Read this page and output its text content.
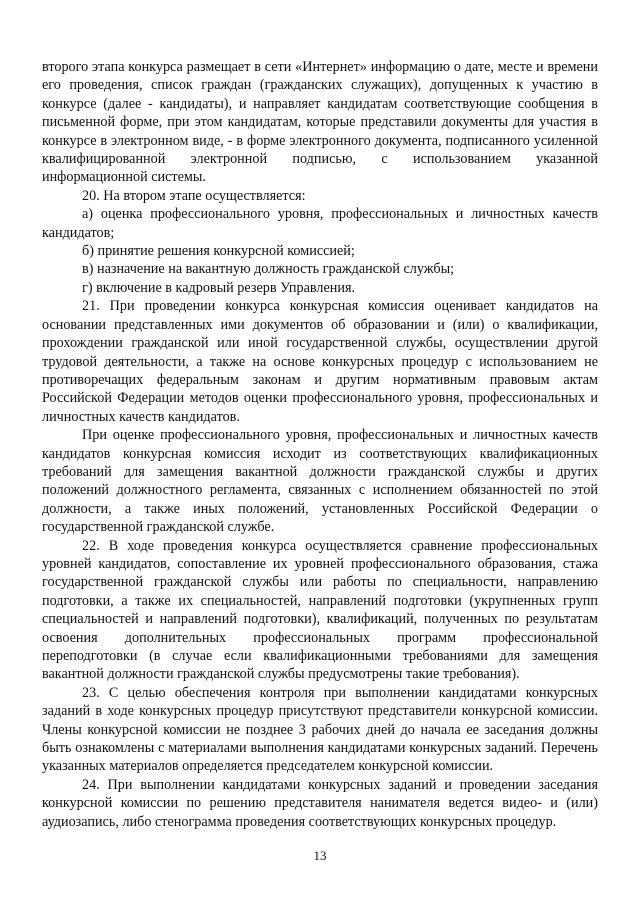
второго этапа конкурса размещает в сети «Интернет» информацию о дате, месте и времени его проведения, список граждан (гражданских служащих), допущенных к участию в конкурсе (далее - кандидаты), и направляет кандидатам соответствующие сообщения в письменной форме, при этом кандидатам, которые представили документы для участия в конкурсе в электронном виде, - в форме электронного документа, подписанного усиленной квалифицированной электронной подписью, с использованием указанной информационной системы.

20. На втором этапе осуществляется:

а) оценка профессионального уровня, профессиональных и личностных качеств кандидатов;

б) принятие решения конкурсной комиссией;

в) назначение на вакантную должность гражданской службы;

г) включение в кадровый резерв Управления.

21. При проведении конкурса конкурсная комиссия оценивает кандидатов на основании представленных ими документов об образовании и (или) о квалификации, прохождении гражданской или иной государственной службы, осуществлении другой трудовой деятельности, а также на основе конкурсных процедур с использованием не противоречащих федеральным законам и другим нормативным правовым актам Российской Федерации методов оценки профессионального уровня, профессиональных и личностных качеств кандидатов.

При оценке профессионального уровня, профессиональных и личностных качеств кандидатов конкурсная комиссия исходит из соответствующих квалификационных требований для замещения вакантной должности гражданской службы и других положений должностного регламента, связанных с исполнением обязанностей по этой должности, а также иных положений, установленных Российской Федерации о государственной гражданской службе.

22. В ходе проведения конкурса осуществляется сравнение профессиональных уровней кандидатов, сопоставление их уровней профессионального образования, стажа государственной гражданской службы или работы по специальности, направлению подготовки, а также их специальностей, направлений подготовки (укрупненных групп специальностей и направлений подготовки), квалификаций, полученных по результатам освоения дополнительных профессиональных программ профессиональной переподготовки (в случае если квалификационными требованиями для замещения вакантной должности гражданской службы предусмотрены такие требования).

23. С целью обеспечения контроля при выполнении кандидатами конкурсных заданий в ходе конкурсных процедур присутствуют представители конкурсной комиссии. Члены конкурсной комиссии не позднее 3 рабочих дней до начала ее заседания должны быть ознакомлены с материалами выполнения кандидатами конкурсных заданий. Перечень указанных материалов определяется председателем конкурсной комиссии.

24. При выполнении кандидатами конкурсных заданий и проведении заседания конкурсной комиссии по решению представителя нанимателя ведется видео- и (или) аудиозапись, либо стенограмма проведения соответствующих конкурсных процедур.

13
